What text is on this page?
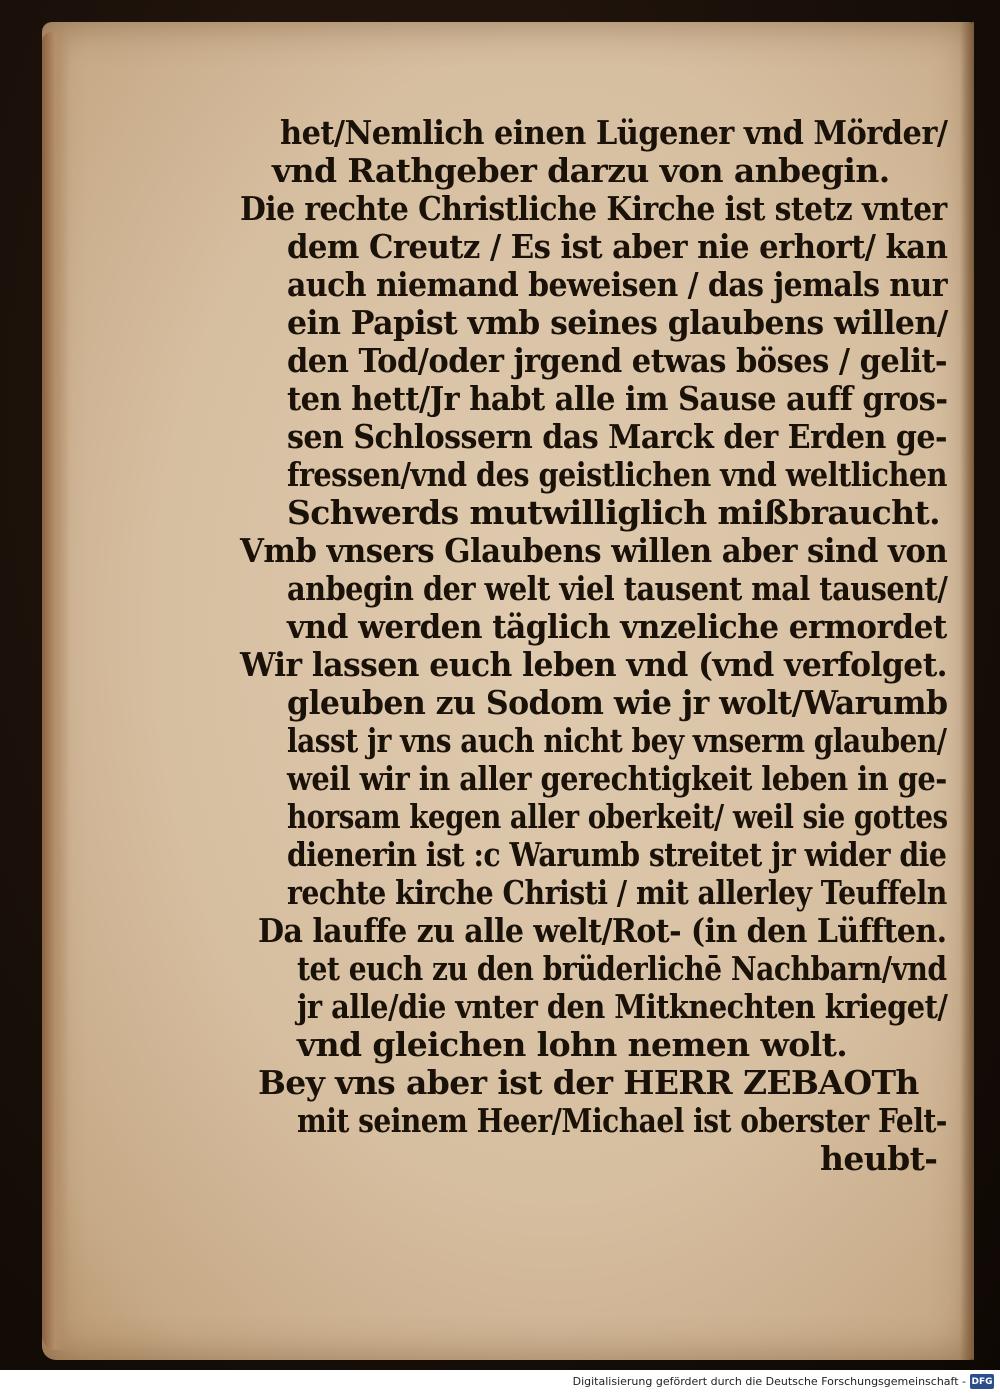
het/Nemlich einen Lügener vnd Mörder/
vnd Rathgeber darzu von anbegin.
Die rechte Christliche Kirche ist stetz vnter
dem Creutz / Es ist aber nie erhort/ kan
auch niemand beweisen / das jemals nur
ein Papist vmb seines glaubens willen/
den Tod/oder jrgend etwas böses / gelit-
ten hett/Jr habt alle im Sause auff gros-
sen Schlossern das Marck der Erden ge-
fressen/vnd des geistlichen vnd weltlichen
Schwerds mutwilliglich mißbraucht.
Vmb vnsers Glaubens willen aber sind von
anbegin der welt viel tausent mal tausent/
vnd werden täglich vnzeliche ermordet
Wir lassen euch leben vnd (vnd verfolget.
gleuben zu Sodom wie jr wolt/Warumb
lasst jr vns auch nicht bey vnserm glauben/
weil wir in aller gerechtigkeit leben in ge-
horsam kegen aller oberkeit/ weil sie gottes
dienerin ist :c Warumb streitet jr wider die
rechte kirche Christi / mit allerley Teuffeln
Da lauffe zu alle welt/Rot- (in den Lüfften.
tet euch zu den brüderlichē Nachbarn/vnd
jr alle/die vnter den Mitknechten krieget/
vnd gleichen lohn nemen wolt.
Bey vns aber ist der HERR ZEBAOTh
mit seinem Heer/Michael ist oberster Felt-
heubt-
Digitalisierung gefördert durch die Deutsche Forschungsgemeinschaft - DFG
